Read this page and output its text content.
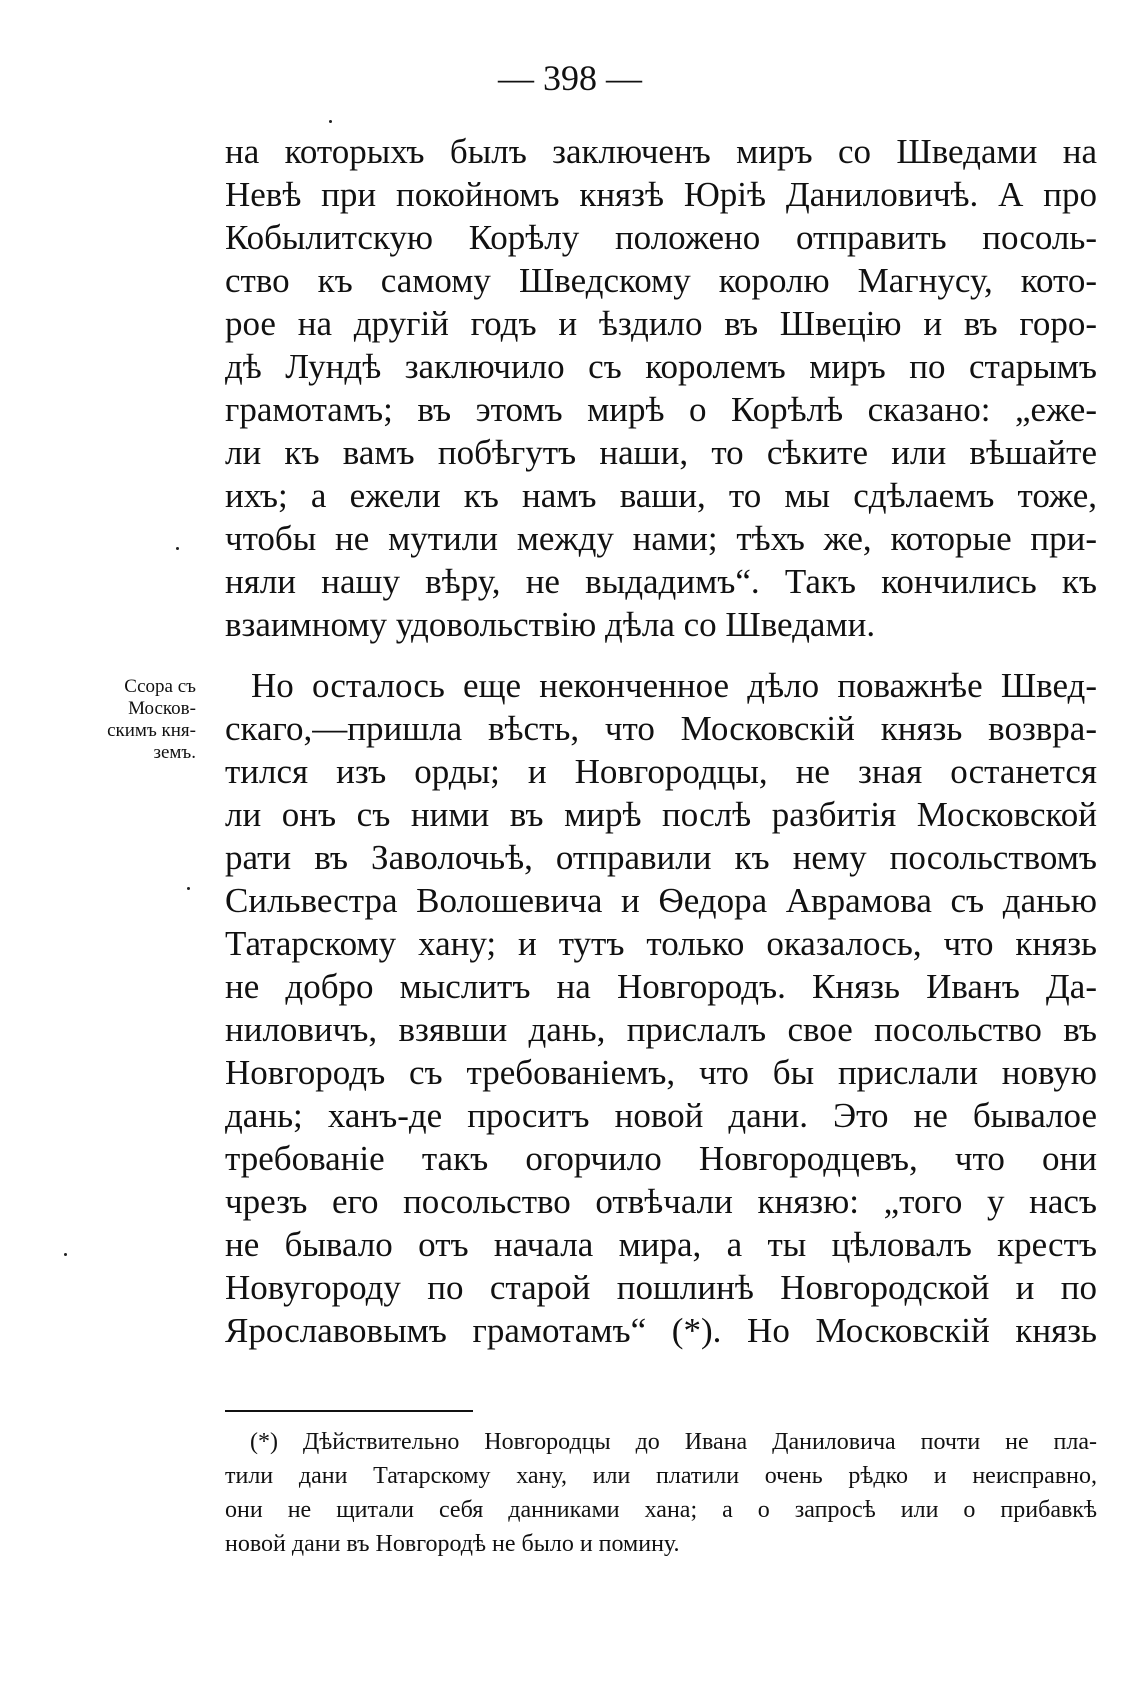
— 398 —
Ссора съ
Москов-
скимъ кня-
земъ.
на которыхъ былъ заключенъ миръ со Шведами на
Невѣ при покойномъ князѣ Юріѣ Даниловичѣ. А про
Кобылитскую Корѣлу положено отправить посоль-
ство къ самому Шведскому королю Магнусу, кото-
рое на другій годъ и ѣздило въ Швецію и въ горо-
дѣ Лундѣ заключило съ королемъ миръ по старымъ
грамотамъ; въ этомъ мирѣ о Корѣлѣ сказано: „еже-
ли къ вамъ побѣгутъ наши, то сѣките или вѣшайте
ихъ; а ежели къ намъ ваши, то мы сдѣлаемъ тоже,
чтобы не мутили между нами; тѣхъ же, которые при-
няли нашу вѣру, не выдадимъ“. Такъ кончились къ
взаимному удовольствію дѣла со Шведами.
Но осталось еще неконченное дѣло поважнѣе Швед-
скаго,—пришла вѣсть, что Московскій князь возвра-
тился изъ орды; и Новгородцы, не зная останется
ли онъ съ ними въ мирѣ послѣ разбитія Московской
рати въ Заволочьѣ, отправили къ нему посольствомъ
Сильвестра Волошевича и Ѳедора Аврамова съ данью
Татарскому хану; и тутъ только оказалось, что князь
не добро мыслитъ на Новгородъ. Князь Иванъ Да-
ниловичъ, взявши дань, прислалъ свое посольство въ
Новгородъ съ требованіемъ, что бы прислали новую
дань; ханъ-де проситъ новой дани. Это не бывалое
требованіе такъ огорчило Новгородцевъ, что они
чрезъ его посольство отвѣчали князю: „того у насъ
не бывало отъ начала мира, а ты цѣловалъ крестъ
Новугороду по старой пошлинѣ Новгородской и по
Ярославовымъ грамотамъ“ (*). Но Московскій князь
(*) Дѣйствительно Новгородцы до Ивана Даниловича почти не пла-
тили дани Татарскому хану, или платили очень рѣдко и неисправно,
они не щитали себя данниками хана; а о запросѣ или о прибавкѣ
новой дани въ Новгородѣ не было и помину.
